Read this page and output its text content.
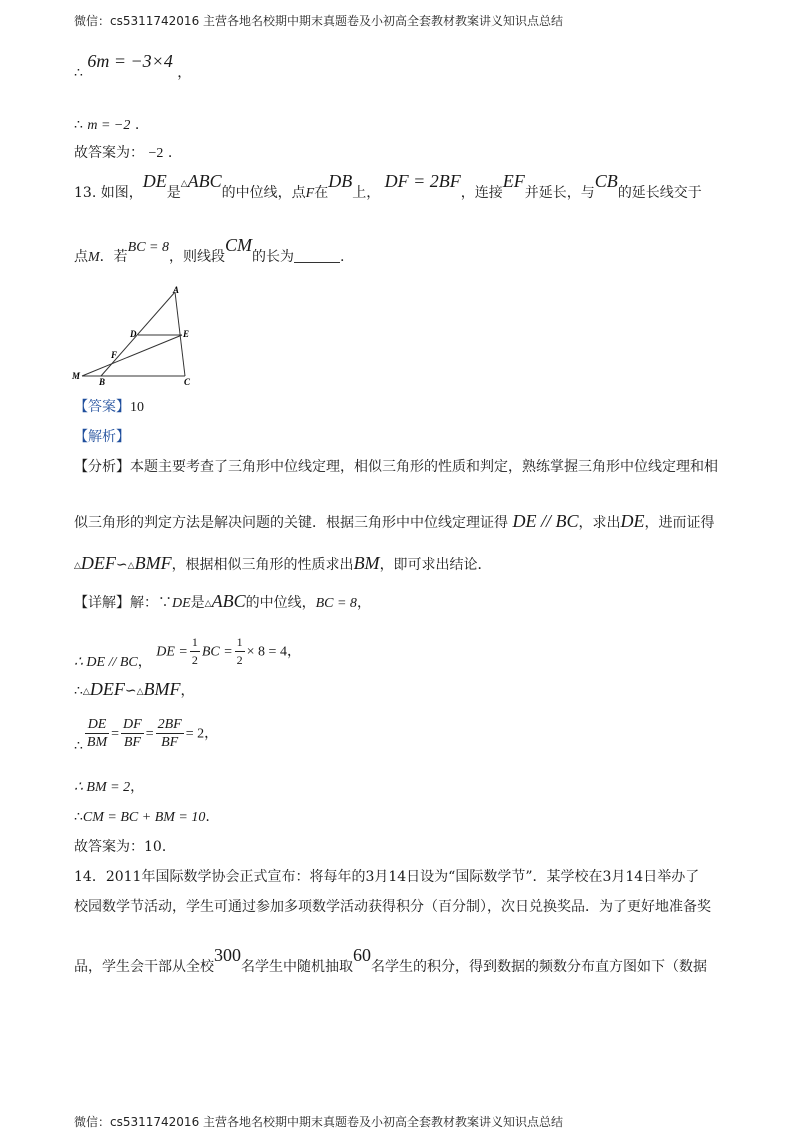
微信：cs5311742016 主营各地名校期中期末真题卷及小初高全套教材教案讲义知识点总结
∴ 6m = −3×4 ，
∴ m = −2 .
故答案为： −2 .
13. 如图，DE是△ABC的中位线，点F在DB上， DF = 2BF，连接EF并延长，与CB的延长线交于
点M．若BC = 8，则线段CM的长为	.
A
D	E
F
M
B	C
【答案】10
【解析】
【分析】本题主要考查了三角形中位线定理，相似三角形的性质和判定，熟练掌握三角形中位线定理和相
似三角形的判定方法是解决问题的关键．根据三角形中中位线定理证得 DE // BC，求出DE，进而证得
△DEF∽△BMF，根据相似三角形的性质求出BM，即可求出结论．
【详解】解：∵DE是△ABC的中位线，BC = 8，
∴ DE // BC， DE = $\frac{1}{2}$ BC = $\frac{1}{2} \times 8 = 4$，
∴△DEF∽△BMF，
∴ $\frac{DE}{BM} = \frac{DF}{BF} = \frac{2BF}{BF} = 2$，
∴ BM = 2，
∴CM = BC + BM = 10.
故答案为：10．
14．2011年国际数学协会正式宣布：将每年的3月14日设为“国际数学节”．某学校在3月14日举办了
校园数学节活动，学生可通过参加多项数学活动获得积分（百分制），次日兑换奖品．为了更好地准备奖
品，学生会干部从全校300名学生中随机抽取60名学生的积分，得到数据的频数分布直方图如下（数据
微信：cs5311742016 主营各地名校期中期末真题卷及小初高全套教材教案讲义知识点总结
